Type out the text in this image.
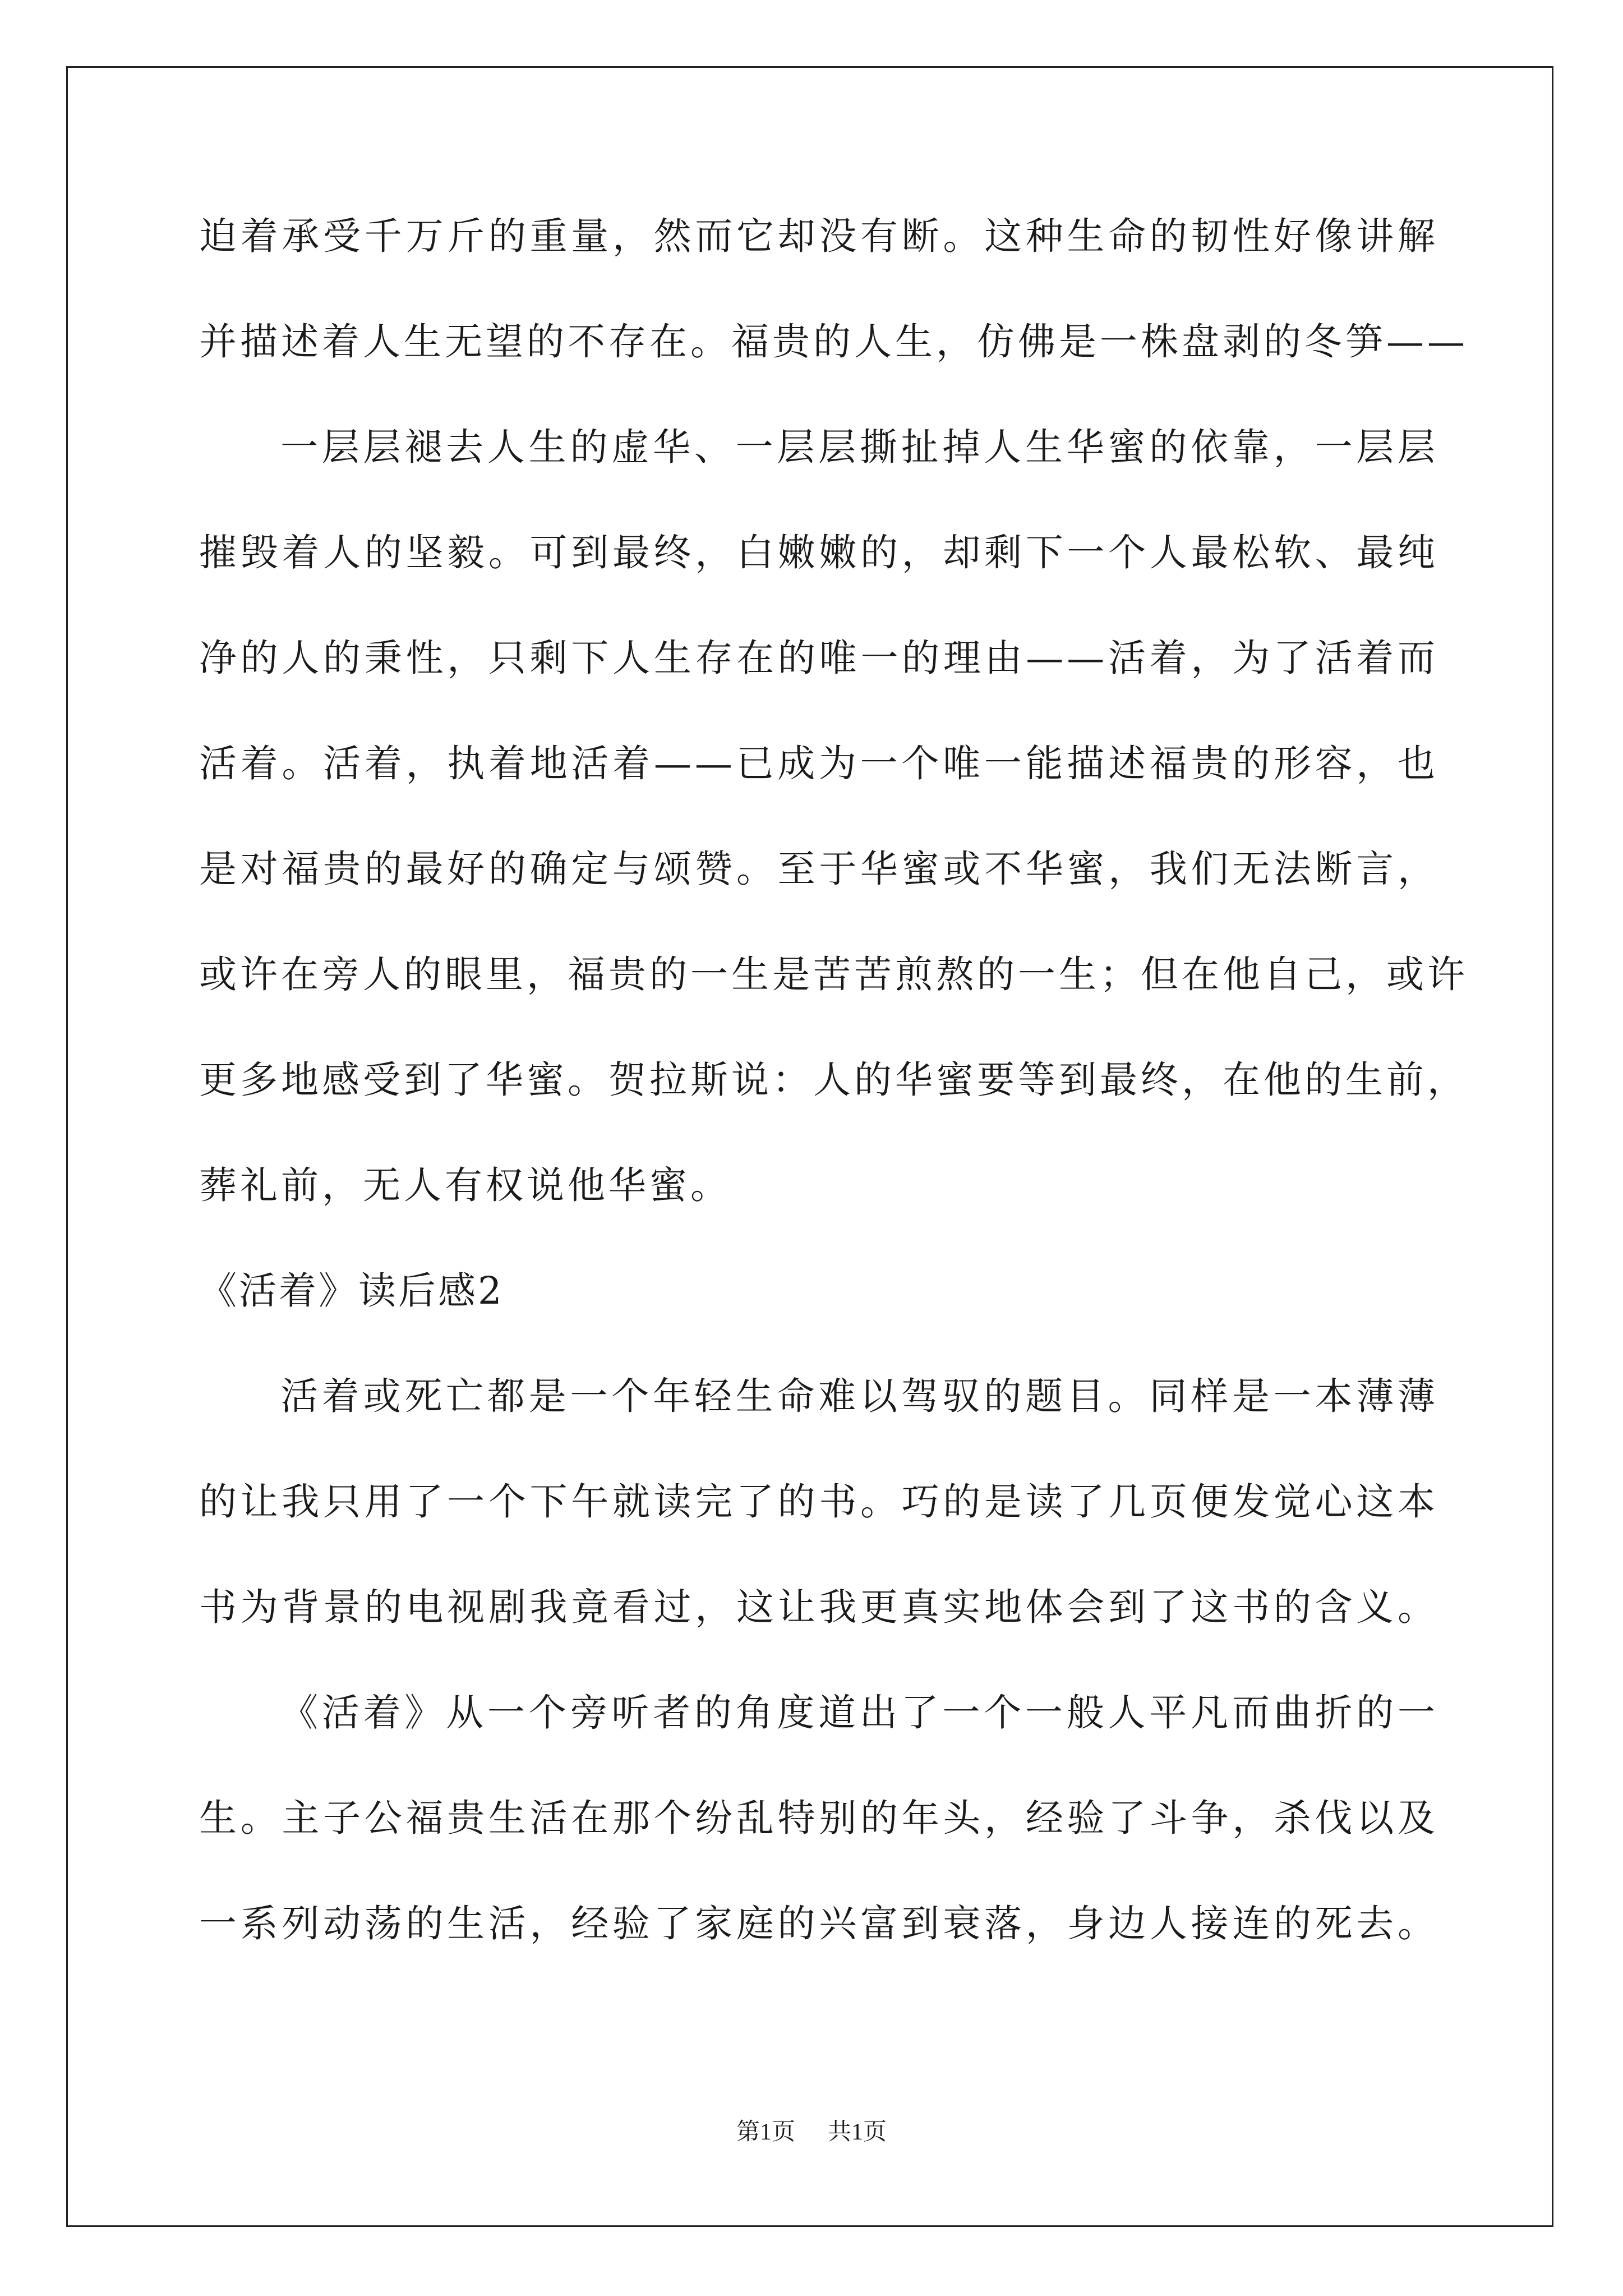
迫着承受千万斤的重量，然而它却没有断。这种生命的韧性好像讲解
并描述着人生无望的不存在。福贵的人生，仿佛是一株盘剥的冬笋——
一层层褪去人生的虚华、一层层撕扯掉人生华蜜的依靠，一层层
摧毁着人的坚毅。可到最终，白嫩嫩的，却剩下一个人最松软、最纯
净的人的秉性，只剩下人生存在的唯一的理由——活着，为了活着而
活着。活着，执着地活着——已成为一个唯一能描述福贵的形容，也
是对福贵的最好的确定与颂赞。至于华蜜或不华蜜，我们无法断言，
或许在旁人的眼里，福贵的一生是苦苦煎熬的一生；但在他自己，或许
更多地感受到了华蜜。贺拉斯说：人的华蜜要等到最终，在他的生前，
葬礼前，无人有权说他华蜜。
《活着》读后感2
活着或死亡都是一个年轻生命难以驾驭的题目。同样是一本薄薄
的让我只用了一个下午就读完了的书。巧的是读了几页便发觉心这本
书为背景的电视剧我竟看过，这让我更真实地体会到了这书的含义。
《活着》从一个旁听者的角度道出了一个一般人平凡而曲折的一
生。主子公福贵生活在那个纷乱特别的年头，经验了斗争，杀伐以及
一系列动荡的生活，经验了家庭的兴富到衰落，身边人接连的死去。
第1页 共1页
